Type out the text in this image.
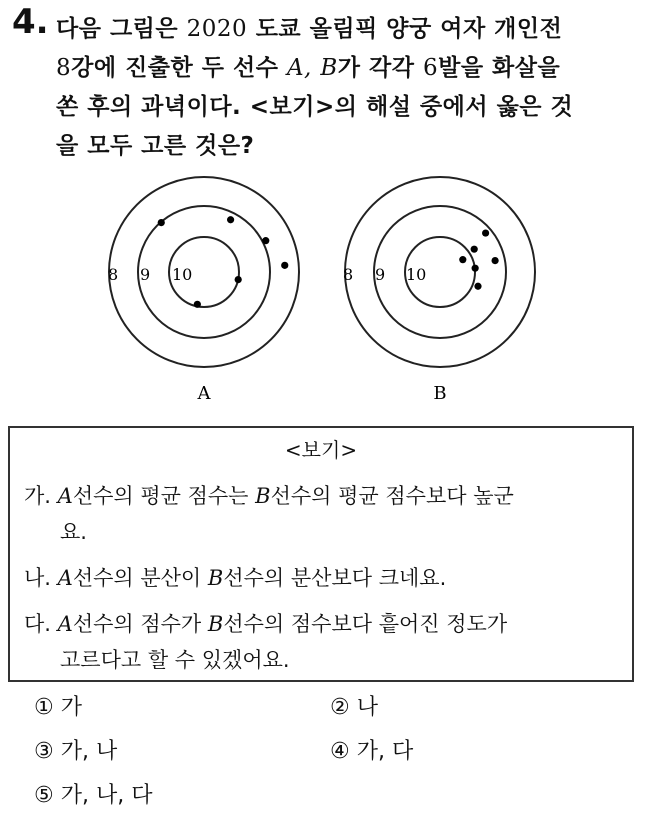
4. 다음 그림은 2020 도쿄 올림픽 양궁 여자 개인전
8강에 진출한 두 선수 A, B가 각각 6발을 화살을
쏜 후의 과녁이다. <보기>의 해설 중에서 옳은 것
을 모두 고른 것은?
8 9 10
A
8 9 10
B
<보기>
가. A선수의 평균 점수는 B선수의 평균 점수보다 높군
요.
나. A선수의 분산이 B선수의 분산보다 크네요.
다. A선수의 점수가 B선수의 점수보다 흩어진 정도가
고르다고 할 수 있겠어요.
① 가	② 나
③ 가, 나	④ 가, 다
⑤ 가, 나, 다
